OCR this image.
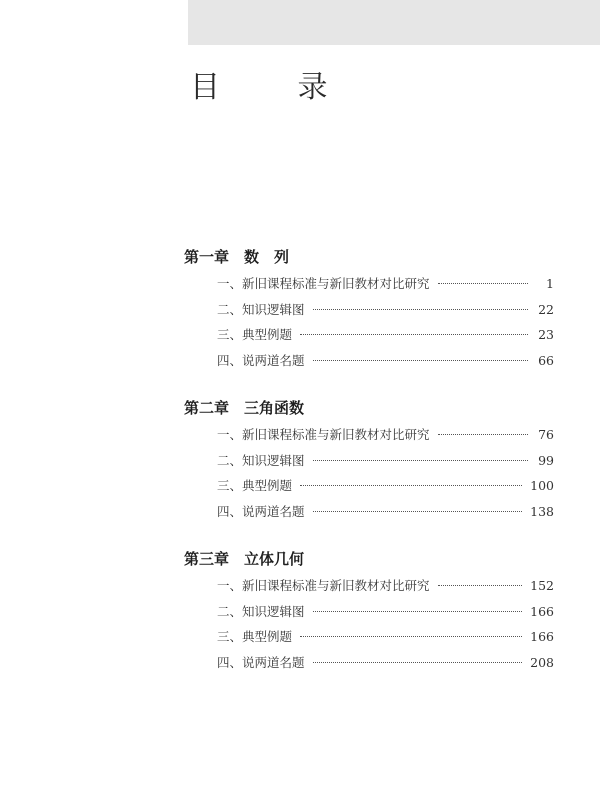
目 录
第一章　数　列
一、新旧课程标准与新旧教材对比研究	1
二、知识逻辑图	22
三、典型例题	23
四、说两道名题	66
第二章　三角函数
一、新旧课程标准与新旧教材对比研究	76
二、知识逻辑图	99
三、典型例题	100
四、说两道名题	138
第三章　立体几何
一、新旧课程标准与新旧教材对比研究	152
二、知识逻辑图	166
三、典型例题	166
四、说两道名题	208
